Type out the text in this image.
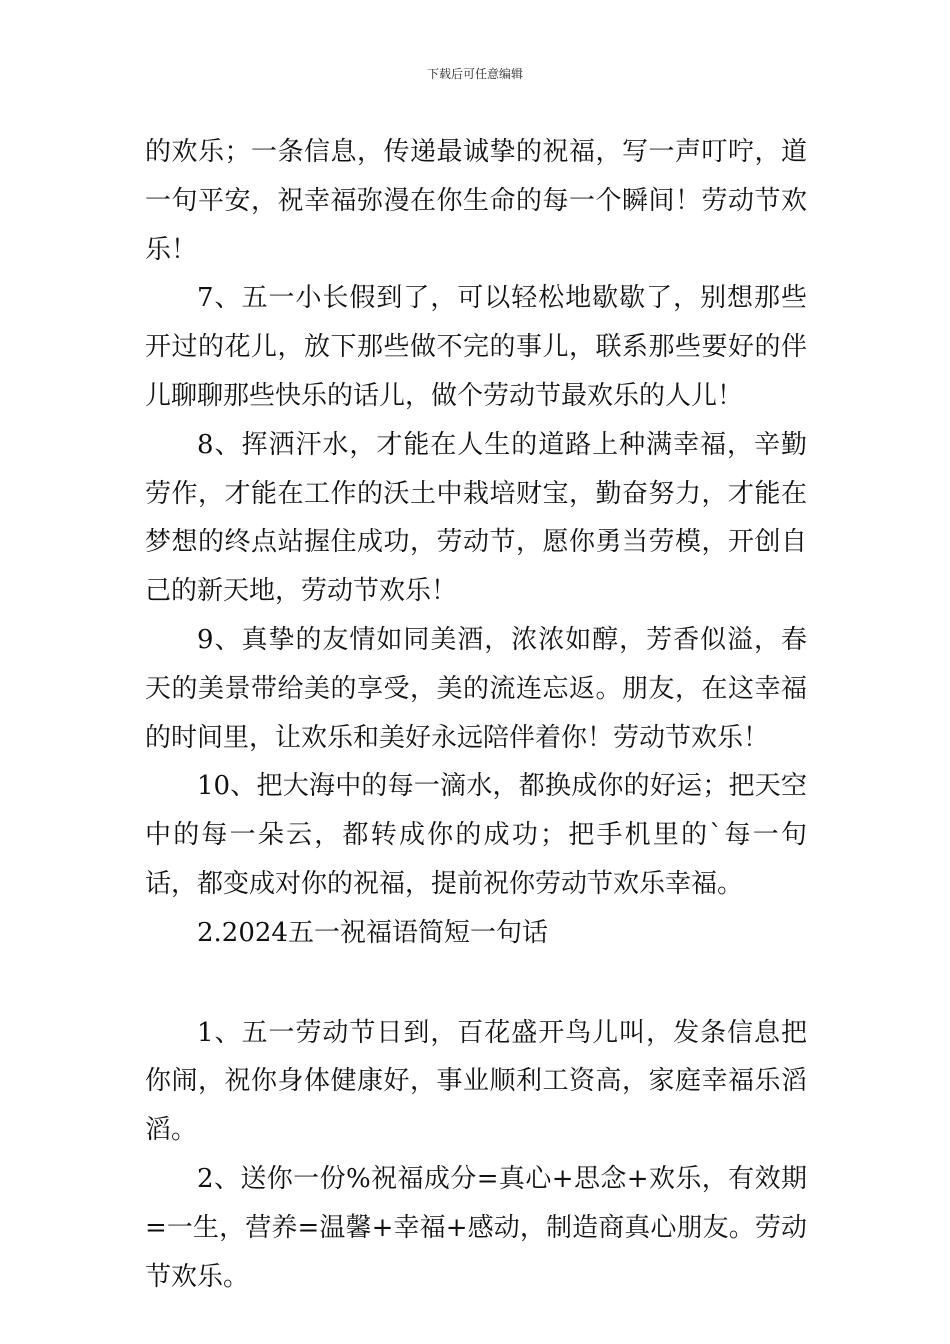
下载后可任意编辑

的欢乐；一条信息，传递最诚挚的祝福，写一声叮咛，道一句平安，祝幸福弥漫在你生命的每一个瞬间！劳动节欢乐！

7、五一小长假到了，可以轻松地歇歇了，别想那些开过的花儿，放下那些做不完的事儿，联系那些要好的伴儿聊聊那些快乐的话儿，做个劳动节最欢乐的人儿！

8、挥洒汗水，才能在人生的道路上种满幸福，辛勤劳作，才能在工作的沃土中栽培财宝，勤奋努力，才能在梦想的终点站握住成功，劳动节，愿你勇当劳模，开创自己的新天地，劳动节欢乐！

9、真挚的友情如同美酒，浓浓如醇，芳香似溢，春天的美景带给美的享受，美的流连忘返。朋友，在这幸福的时间里，让欢乐和美好永远陪伴着你！劳动节欢乐！

10、把大海中的每一滴水，都换成你的好运；把天空中的每一朵云，都转成你的成功；把手机里的`每一句话，都变成对你的祝福，提前祝你劳动节欢乐幸福。

2.2024五一祝福语简短一句话

1、五一劳动节日到，百花盛开鸟儿叫，发条信息把你闹，祝你身体健康好，事业顺利工资高，家庭幸福乐滔滔。

2、送你一份%祝福成分=真心+思念+欢乐，有效期=一生，营养=温馨+幸福+感动，制造商真心朋友。劳动节欢乐。
